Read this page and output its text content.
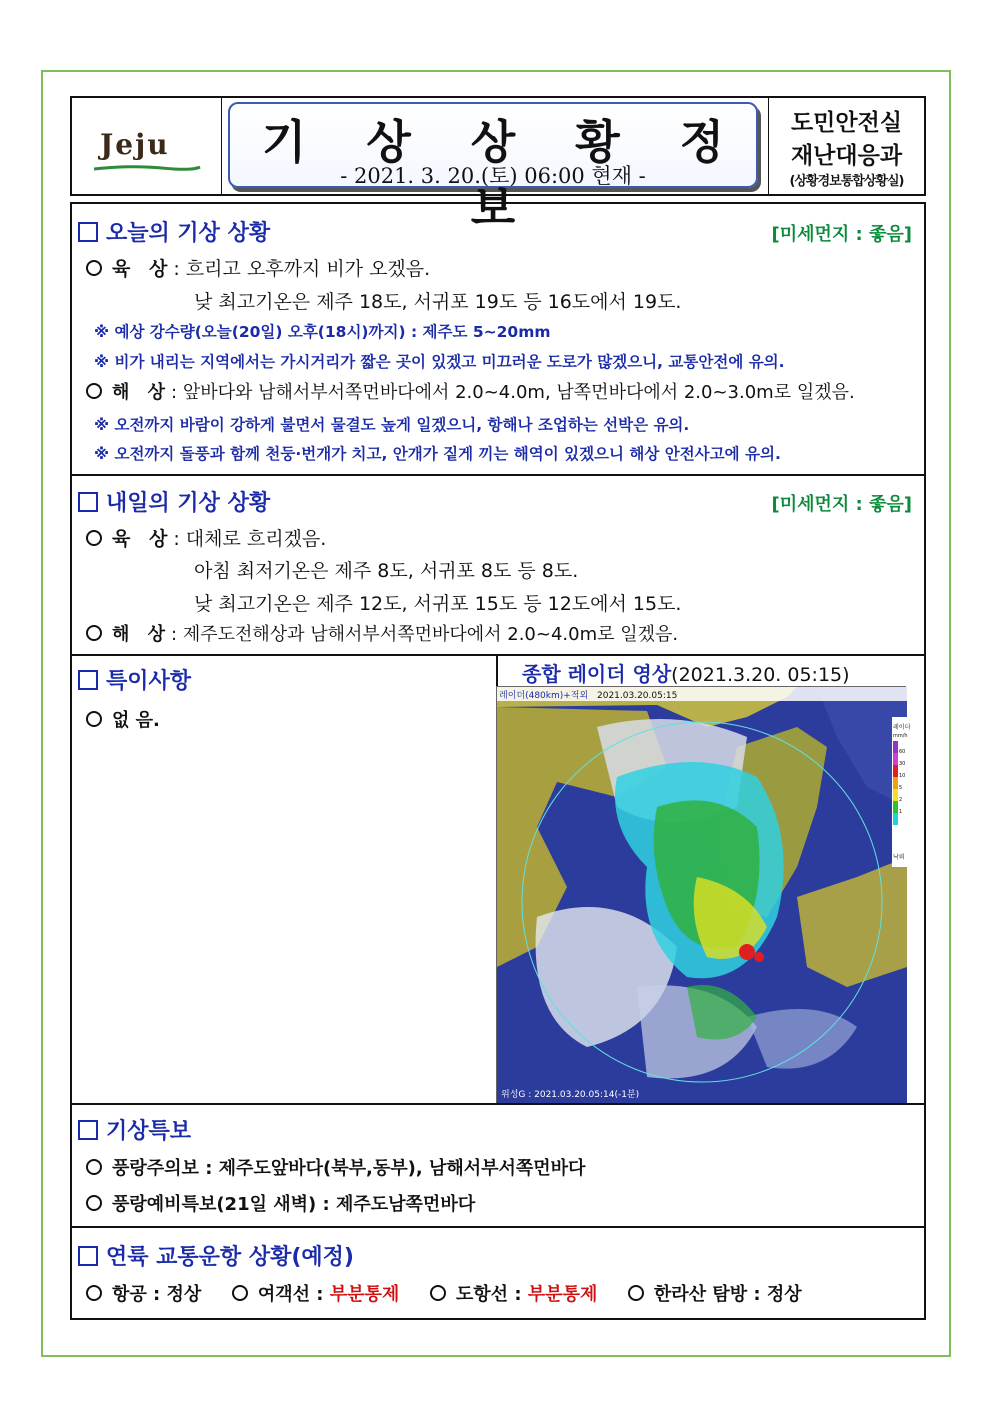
Jeju	기 상 상 황 정 보
- 2021. 3. 20.(토) 06:00 현재 -
도민안전실
재난대응과
(상황경보통합상황실)
오늘의 기상 상황	[미세먼지 : 좋음]
육 상: 흐리고 오후까지 비가 오겠음.
낮 최고기온은 제주 18도, 서귀포 19도 등 16도에서 19도.
※ 예상 강수량(오늘(20일) 오후(18시)까지) : 제주도 5~20mm
※ 비가 내리는 지역에서는 가시거리가 짧은 곳이 있겠고 미끄러운 도로가 많겠으니, 교통안전에 유의.
해 상: 앞바다와 남해서부서쪽먼바다에서 2.0~4.0m, 남쪽먼바다에서 2.0~3.0m로 일겠음.
※ 오전까지 바람이 강하게 불면서 물결도 높게 일겠으니, 항해나 조업하는 선박은 유의.
※ 오전까지 돌풍과 함께 천둥·번개가 치고, 안개가 짙게 끼는 해역이 있겠으니 해상 안전사고에 유의.
내일의 기상 상황	[미세먼지 : 좋음]
육 상: 대체로 흐리겠음.
아침 최저기온은 제주 8도, 서귀포 8도 등 8도.
낮 최고기온은 제주 12도, 서귀포 15도 등 12도에서 15도.
해 상: 제주도전해상과 남해서부서쪽먼바다에서 2.0~4.0m로 일겠음.
특이사항
없 음.
종합 레이더 영상(2021.3.20. 05:15)
레이더(480km)+적외 2021.03.20.05:15
위성G : 2021.03.20.05:14(-1분)
레이더
mm/h
60
30
10
5
2
1
낙뢰
기상특보
풍랑주의보 : 제주도앞바다(북부,동부), 남해서부서쪽먼바다
풍랑예비특보(21일 새벽) : 제주도남쪽먼바다
연륙 교통운항 상황(예정)
항공 : 정상	여객선 : 부분통제	도항선 : 부분통제	한라산 탐방 : 정상
